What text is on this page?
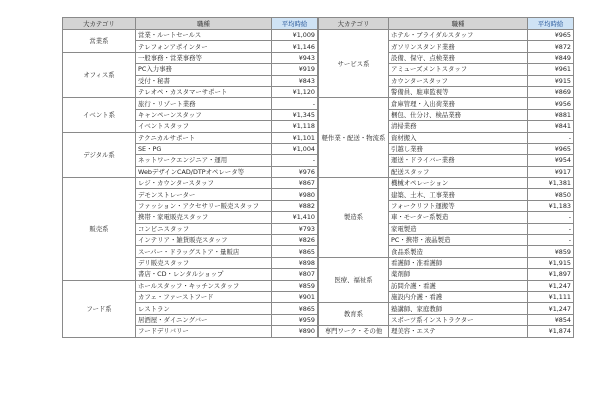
大カテゴリ	職種	平均時給
営業系	営業・ルートセールス	¥1,009
	テレフォンアポインター	¥1,146
オフィス系	一般事務・営業事務等	¥943
	PC入力事務	¥919
	受付・秘書	¥843
	テレオペ・カスタマーサポート	¥1,120
イベント系	旅行・リゾート業務	-
	キャンペーンスタッフ	¥1,345
	イベントスタッフ	¥1,118
デジタル系	テクニカルサポート	¥1,101
	SE・PG	¥1,004
	ネットワークエンジニア・運用	-
	WebデザインCAD/DTPオペレータ等	¥976
販売系	レジ・カウンタースタッフ	¥867
	デモンストレーター	¥980
	ファッション・アクセサリー販売スタッフ	¥882
	携帯・家電販売スタッフ	¥1,410
	コンビニスタッフ	¥793
	インテリア・雑貨販売スタッフ	¥826
	スーパー・ドラッグストア・量販店	¥865
	デリ販売スタッフ	¥898
	書店・CD・レンタルショップ	¥807
フード系	ホールスタッフ・キッチンスタッフ	¥859
	カフェ・ファーストフード	¥901
	レストラン	¥865
	居酒屋・ダイニングバー	¥959
	フードデリバリー	¥890
大カテゴリ	職種	平均時給
サービス系	ホテル・ブライダルスタッフ	¥965
	ガソリンスタンド業務	¥872
	設備、保守、点検業務	¥849
	アミューズメントスタッフ	¥961
	カウンタースタッフ	¥915
	警備員、駐車監視等	¥869
軽作業・配送・物流系	倉庫管理・入出荷業務	¥956
	梱包、仕分け、検品業務	¥881
	清掃業務	¥841
	資材搬入	-
	引越し業務	¥965
	運送・ドライバー業務	¥954
	配送スタッフ	¥917
製造系	機械オペレーション	¥1,381
	建築、土木、工事業務	¥850
	フォークリフト運搬等	¥1,183
	車・モーター系製造	-
	家電製造	-
	PC・携帯・液晶製造	-
	食品系製造	¥859
医療、福祉系	看護師・准看護師	¥1,915
	薬剤師	¥1,897
	訪問介護・看護	¥1,247
	施設内介護・看護	¥1,111
教育系	塾講師、家庭教師	¥1,247
	スポーツ系インストラクター	¥854
専門ワーク・その他	理美容・エステ	¥1,874
